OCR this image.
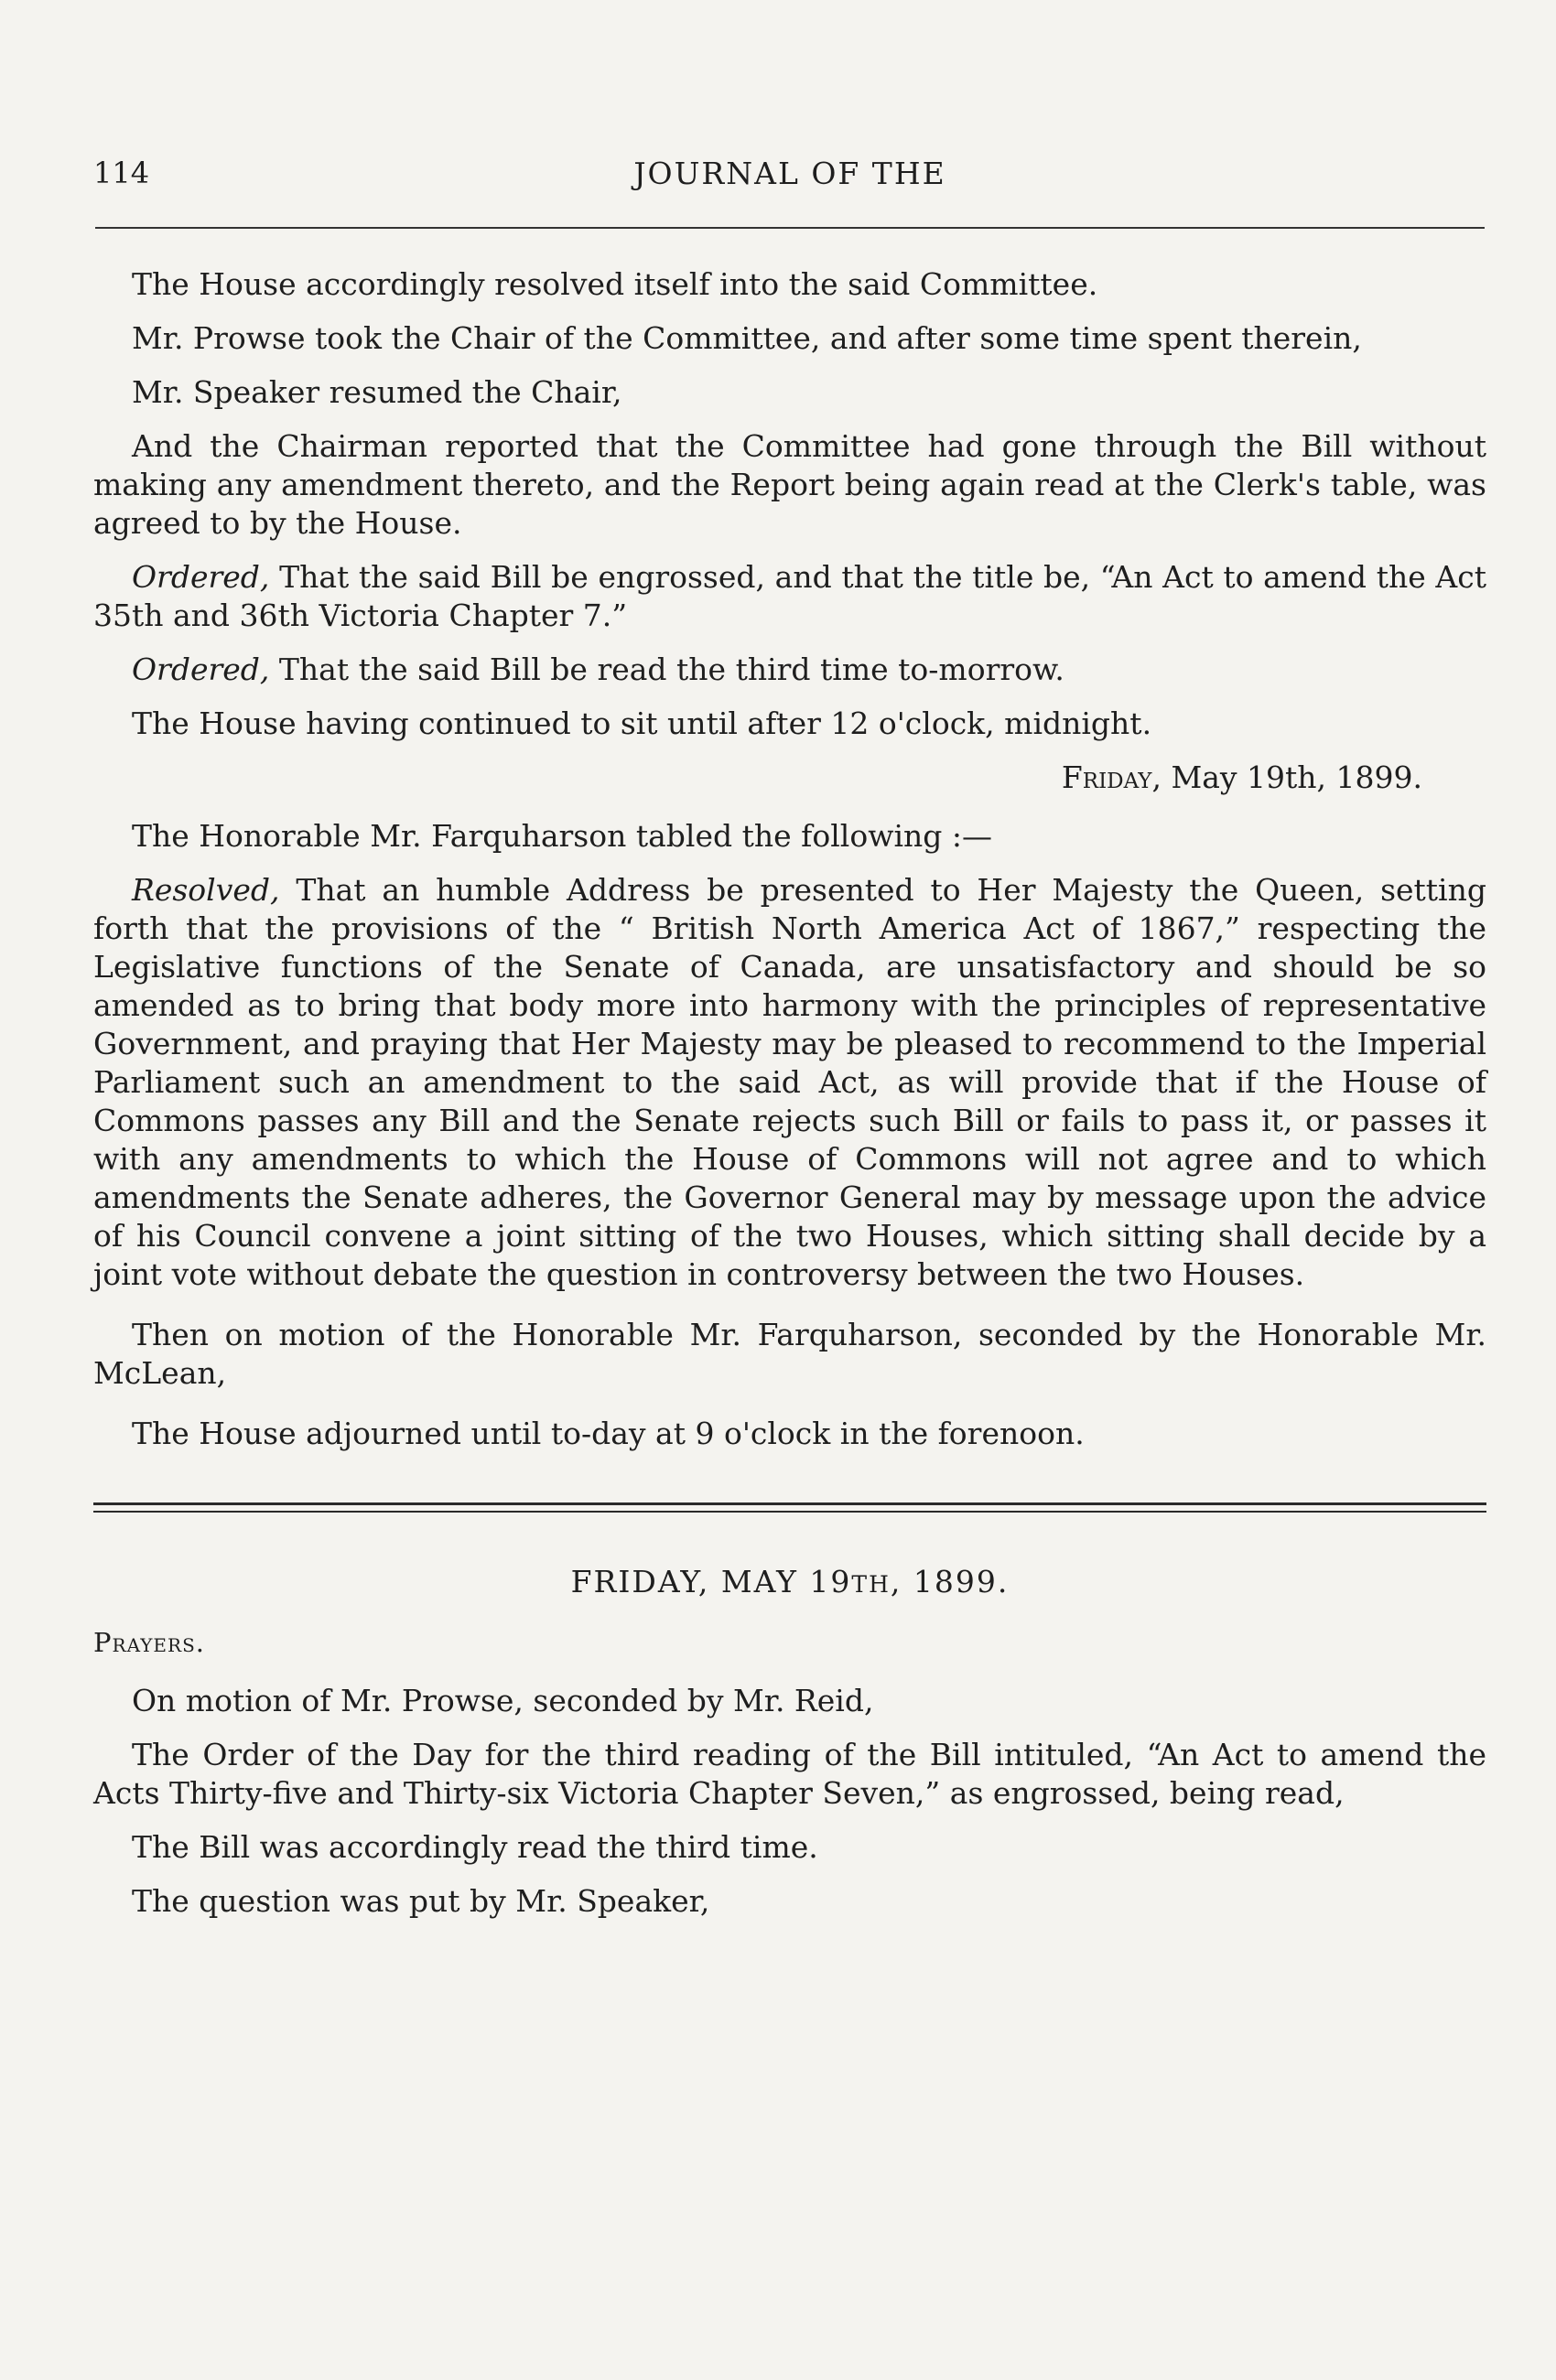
114	JOURNAL OF THE

The House accordingly resolved itself into the said Committee.

Mr. Prowse took the Chair of the Committee, and after some time spent therein,

Mr. Speaker resumed the Chair,

And the Chairman reported that the Committee had gone through the Bill without making any amendment thereto, and the Report being again read at the Clerk's table, was agreed to by the House.

Ordered, That the said Bill be engrossed, and that the title be, “An Act to amend the Act 35th and 36th Victoria Chapter 7.”

Ordered, That the said Bill be read the third time to-morrow.

The House having continued to sit until after 12 o'clock, midnight.

Friday, May 19th, 1899.

The Honorable Mr. Farquharson tabled the following :—

Resolved, That an humble Address be presented to Her Majesty the Queen, setting forth that the provisions of the “ British North America Act of 1867,” respecting the Legislative functions of the Senate of Canada, are unsatisfactory and should be so amended as to bring that body more into harmony with the principles of representative Government, and praying that Her Majesty may be pleased to recommend to the Imperial Parliament such an amendment to the said Act, as will provide that if the House of Commons passes any Bill and the Senate rejects such Bill or fails to pass it, or passes it with any amendments to which the House of Commons will not agree and to which amendments the Senate adheres, the Governor General may by message upon the advice of his Council convene a joint sitting of the two Houses, which sitting shall decide by a joint vote without debate the question in controversy between the two Houses.

Then on motion of the Honorable Mr. Farquharson, seconded by the Honorable Mr. McLean,

The House adjourned until to-day at 9 o'clock in the forenoon.

FRIDAY, MAY 19TH, 1899.
Prayers.

On motion of Mr. Prowse, seconded by Mr. Reid,

The Order of the Day for the third reading of the Bill intituled, “An Act to amend the Acts Thirty-five and Thirty-six Victoria Chapter Seven,” as engrossed, being read,

The Bill was accordingly read the third time.

The question was put by Mr. Speaker,
